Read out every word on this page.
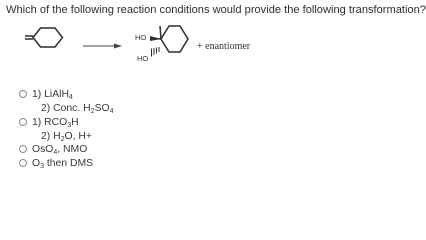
Which of the following reaction conditions would provide the following transformation?
HO
HO
+ enantiomer
1) LiAlH$_4$
2) Conc. $H_2SO_4$
1) $RCO_3H$
2) $H_2O$, H+
OsO$_4$, NMO
$O_3$ then DMS
